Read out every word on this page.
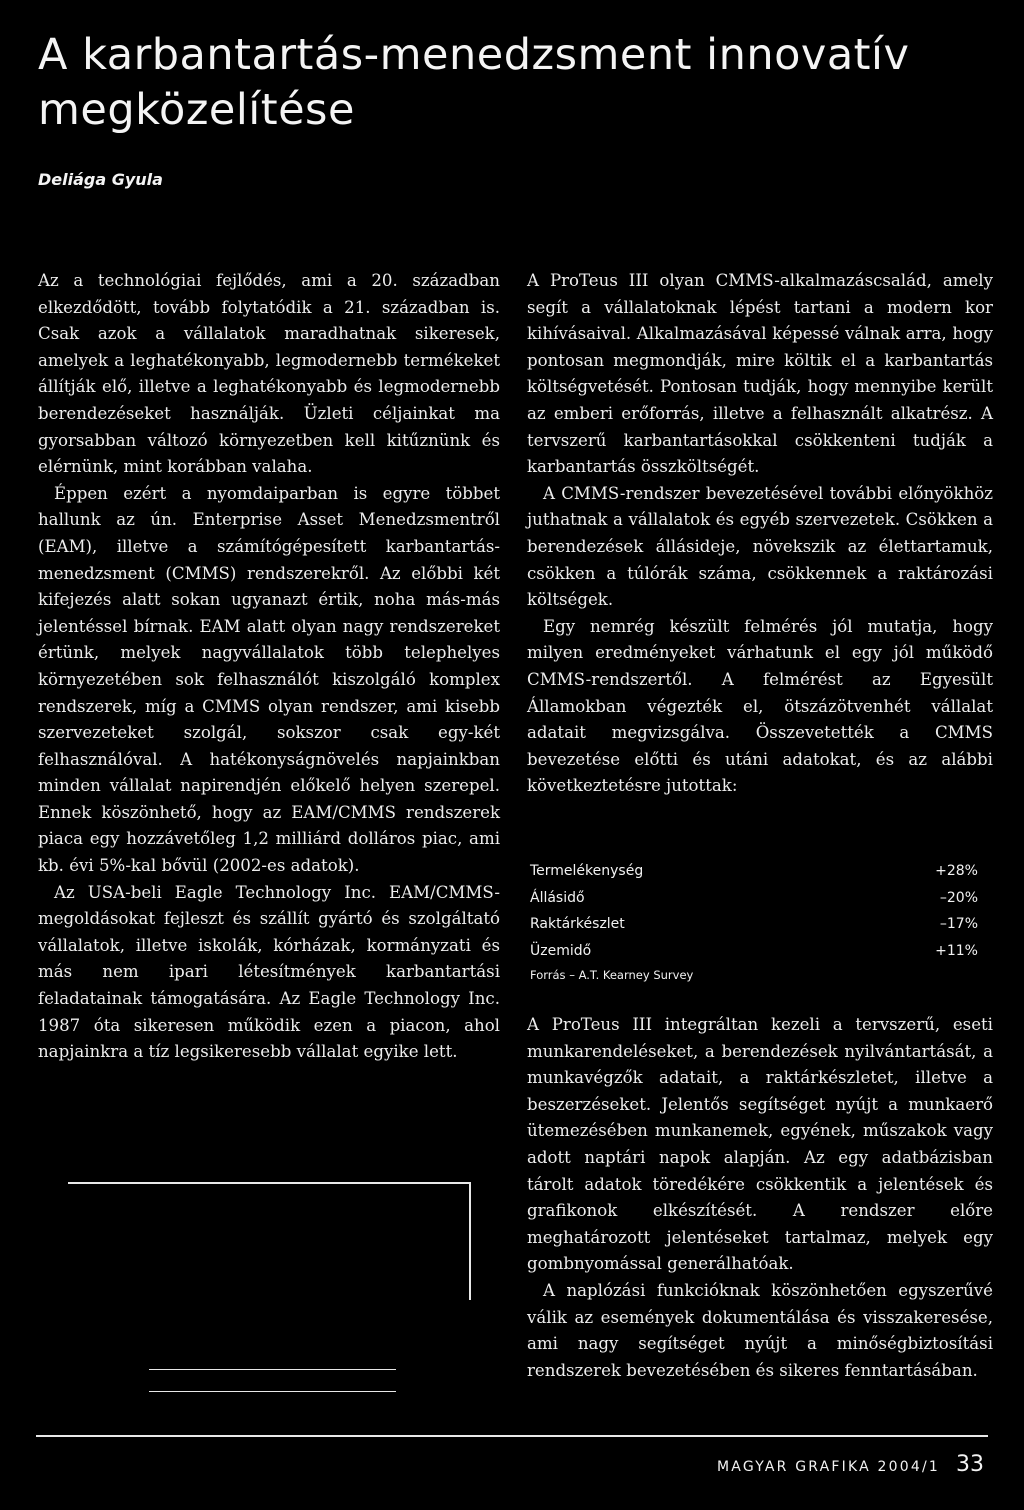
A karbantartás-menedzsment innovatív megközelítése
Deliága Gyula

Az a technológiai fejlődés, ami a 20. században elkezdődött, tovább folytatódik a 21. században is. Csak azok a vállalatok maradhatnak sikeresek, amelyek a leghatékonyabb, legmodernebb termékeket állítják elő, illetve a leghatékonyabb és legmodernebb berendezéseket használják. Üzleti céljainkat ma gyorsabban változó környezetben kell kitűznünk és elérnünk, mint korábban valaha.

Éppen ezért a nyomdaiparban is egyre többet hallunk az ún. Enterprise Asset Menedzsmentről (EAM), illetve a számítógépesített karbantartás-menedzsment (CMMS) rendszerekről. Az előbbi két kifejezés alatt sokan ugyanazt értik, noha más-más jelentéssel bírnak. EAM alatt olyan nagy rendszereket értünk, melyek nagyvállalatok több telephelyes környezetében sok felhasználót kiszolgáló komplex rendszerek, míg a CMMS olyan rendszer, ami kisebb szervezeteket szolgál, sokszor csak egy-két felhasználóval. A hatékonyságnövelés napjainkban minden vállalat napirendjén előkelő helyen szerepel. Ennek köszönhető, hogy az EAM/CMMS rendszerek piaca egy hozzávetőleg 1,2 milliárd dolláros piac, ami kb. évi 5%-kal bővül (2002-es adatok).

Az USA-beli Eagle Technology Inc. EAM/CMMS-megoldásokat fejleszt és szállít gyártó és szolgáltató vállalatok, illetve iskolák, kórházak, kormányzati és más nem ipari létesítmények karbantartási feladatainak támogatására. Az Eagle Technology Inc. 1987 óta sikeresen működik ezen a piacon, ahol napjainkra a tíz legsikeresebb vállalat egyike lett.

A ProTeus III olyan CMMS-alkalmazáscsalád, amely segít a vállalatoknak lépést tartani a modern kor kihívásaival. Alkalmazásával képessé válnak arra, hogy pontosan megmondják, mire költik el a karbantartás költségvetését. Pontosan tudják, hogy mennyibe került az emberi erőforrás, illetve a felhasznált alkatrész. A tervszerű karbantartásokkal csökkenteni tudják a karbantartás összköltségét.

A CMMS-rendszer bevezetésével további előnyökhöz juthatnak a vállalatok és egyéb szervezetek. Csökken a berendezések állásideje, növekszik az élettartamuk, csökken a túlórák száma, csökkennek a raktározási költségek.

Egy nemrég készült felmérés jól mutatja, hogy milyen eredményeket várhatunk el egy jól működő CMMS-rendszertől. A felmérést az Egyesült Államokban végezték el, ötszázötvenhét vállalat adatait megvizsgálva. Összevetették a CMMS bevezetése előtti és utáni adatokat, és az alábbi következtetésre jutottak:

Termelékenység	+28%
Állásidő	–20%
Raktárkészlet	–17%
Üzemidő	+11%
Forrás – A.T. Kearney Survey

A ProTeus III integráltan kezeli a tervszerű, eseti munkarendeléseket, a berendezések nyilvántartását, a munkavégzők adatait, a raktárkészletet, illetve a beszerzéseket. Jelentős segítséget nyújt a munkaerő ütemezésében munkanemek, egyének, műszakok vagy adott naptári napok alapján. Az egy adatbázisban tárolt adatok töredékére csökkentik a jelentések és grafikonok elkészítését. A rendszer előre meghatározott jelentéseket tartalmaz, melyek egy gombnyomással generálhatóak.

A naplózási funkcióknak köszönhetően egyszerűvé válik az események dokumentálása és visszakeresése, ami nagy segítséget nyújt a minőségbiztosítási rendszerek bevezetésében és sikeres fenntartásában.

MAGYAR GRAFIKA 2004/1 33
